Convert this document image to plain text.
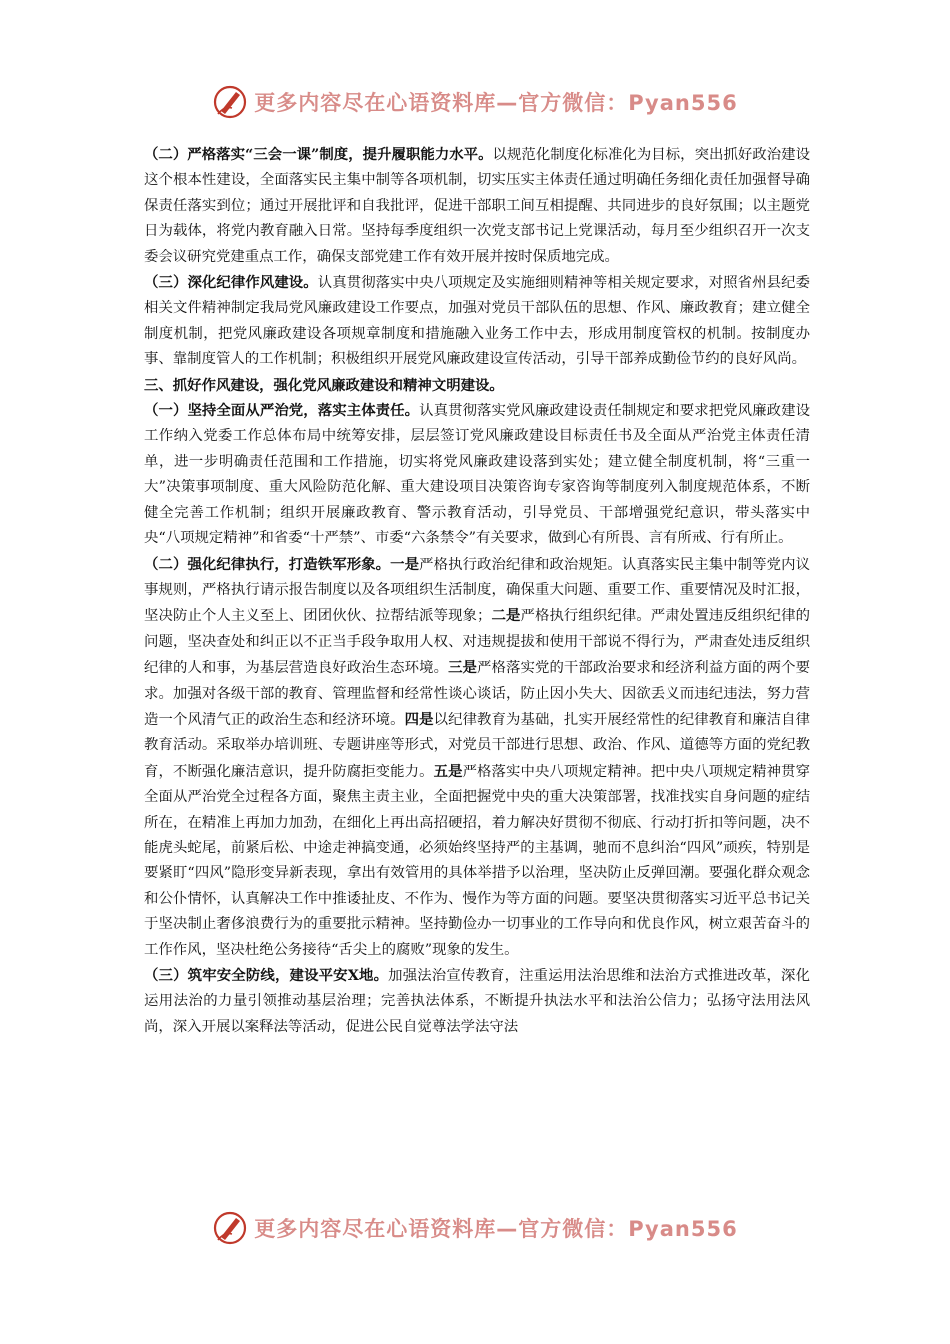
更多内容尽在心语资料库—官方微信：Pyan556

（二）严格落实“三会一课”制度，提升履职能力水平。以规范化制度化标准化为目标，突出抓好政治建设这个根本性建设，全面落实民主集中制等各项机制，切实压实主体责任通过明确任务细化责任加强督导确保责任落实到位；通过开展批评和自我批评，促进干部职工间互相提醒、共同进步的良好氛围；以主题党日为载体，将党内教育融入日常。坚持每季度组织一次党支部书记上党课活动，每月至少组织召开一次支委会议研究党建重点工作，确保支部党建工作有效开展并按时保质地完成。

（三）深化纪律作风建设。认真贯彻落实中央八项规定及实施细则精神等相关规定要求，对照省州县纪委相关文件精神制定我局党风廉政建设工作要点，加强对党员干部队伍的思想、作风、廉政教育；建立健全制度机制，把党风廉政建设各项规章制度和措施融入业务工作中去，形成用制度管权的机制。按制度办事、靠制度管人的工作机制；积极组织开展党风廉政建设宣传活动，引导干部养成勤俭节约的良好风尚。

三、抓好作风建设，强化党风廉政建设和精神文明建设。

（一）坚持全面从严治党，落实主体责任。认真贯彻落实党风廉政建设责任制规定和要求把党风廉政建设工作纳入党委工作总体布局中统筹安排，层层签订党风廉政建设目标责任书及全面从严治党主体责任清单，进一步明确责任范围和工作措施，切实将党风廉政建设落到实处；建立健全制度机制，将“三重一大”决策事项制度、重大风险防范化解、重大建设项目决策咨询专家咨询等制度列入制度规范体系，不断健全完善工作机制；组织开展廉政教育、警示教育活动，引导党员、干部增强党纪意识，带头落实中央“八项规定精神”和省委“十严禁”、市委“六条禁令”有关要求，做到心有所畏、言有所戒、行有所止。

（二）强化纪律执行，打造铁军形象。一是严格执行政治纪律和政治规矩。认真落实民主集中制等党内议事规则，严格执行请示报告制度以及各项组织生活制度，确保重大问题、重要工作、重要情况及时汇报，坚决防止个人主义至上、团团伙伙、拉帮结派等现象；二是严格执行组织纪律。严肃处置违反组织纪律的问题，坚决查处和纠正以不正当手段争取用人权、对违规提拔和使用干部说不得行为，严肃查处违反组织纪律的人和事，为基层营造良好政治生态环境。三是严格落实党的干部政治要求和经济利益方面的两个要求。加强对各级干部的教育、管理监督和经常性谈心谈话，防止因小失大、因欲丢义而违纪违法，努力营造一个风清气正的政治生态和经济环境。四是以纪律教育为基础，扎实开展经常性的纪律教育和廉洁自律教育活动。采取举办培训班、专题讲座等形式，对党员干部进行思想、政治、作风、道德等方面的党纪教育，不断强化廉洁意识，提升防腐拒变能力。五是严格落实中央八项规定精神。把中央八项规定精神贯穿全面从严治党全过程各方面，聚焦主责主业，全面把握党中央的重大决策部署，找准找实自身问题的症结所在，在精准上再加力加劲，在细化上再出高招硬招，着力解决好贯彻不彻底、行动打折扣等问题，决不能虎头蛇尾，前紧后松、中途走神搞变通，必须始终坚持严的主基调，驰而不息纠治“四风”顽疾，特别是要紧盯“四风”隐形变异新表现，拿出有效管用的具体举措予以治理，坚决防止反弹回潮。要强化群众观念和公仆情怀，认真解决工作中推诿扯皮、不作为、慢作为等方面的问题。要坚决贯彻落实习近平总书记关于坚决制止奢侈浪费行为的重要批示精神。坚持勤俭办一切事业的工作导向和优良作风，树立艰苦奋斗的工作作风，坚决杜绝公务接待“舌尖上的腐败”现象的发生。

（三）筑牢安全防线，建设平安X地。加强法治宣传教育，注重运用法治思维和法治方式推进改革，深化运用法治的力量引领推动基层治理；完善执法体系，不断提升执法水平和法治公信力；弘扬守法用法风尚，深入开展以案释法等活动，促进公民自觉尊法学法守法

更多内容尽在心语资料库—官方微信：Pyan556
